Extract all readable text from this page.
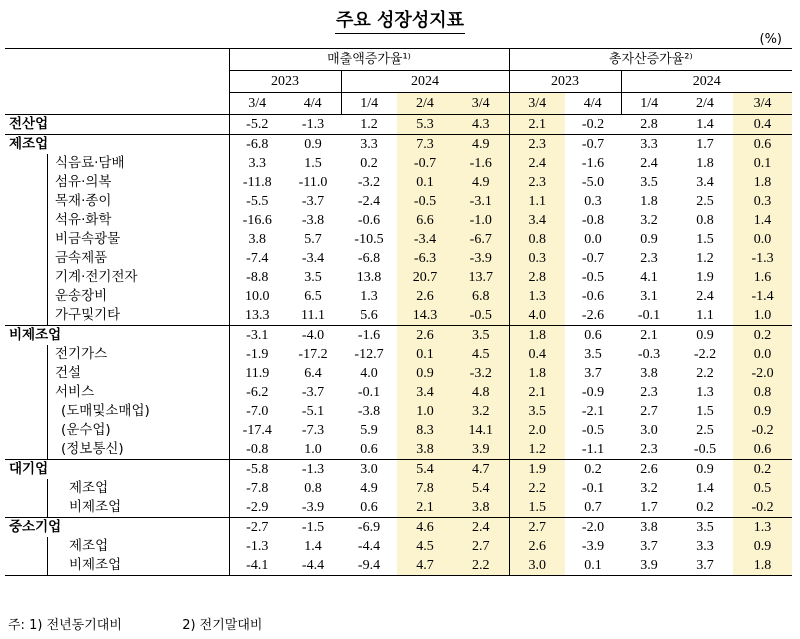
주요 성장성지표
(%)
	매출액증가율¹⁾					총자산증가율²⁾				
	2023		2024			2023		2024		
	3/4	4/4	1/4	2/4	3/4	3/4	4/4	1/4	2/4	3/4
전산업	-5.2	-1.3	1.2	5.3	4.3	2.1	-0.2	2.8	1.4	0.4
제조업	-6.8	0.9	3.3	7.3	4.9	2.3	-0.7	3.3	1.7	0.6
식음료·담배	3.3	1.5	0.2	-0.7	-1.6	2.4	-1.6	2.4	1.8	0.1
섬유·의복	-11.8	-11.0	-3.2	0.1	4.9	2.3	-5.0	3.5	3.4	1.8
목재·종이	-5.5	-3.7	-2.4	-0.5	-3.1	1.1	0.3	1.8	2.5	0.3
석유·화학	-16.6	-3.8	-0.6	6.6	-1.0	3.4	-0.8	3.2	0.8	1.4
비금속광물	3.8	5.7	-10.5	-3.4	-6.7	0.8	0.0	0.9	1.5	0.0
금속제품	-7.4	-3.4	-6.8	-6.3	-3.9	0.3	-0.7	2.3	1.2	-1.3
기계·전기전자	-8.8	3.5	13.8	20.7	13.7	2.8	-0.5	4.1	1.9	1.6
운송장비	10.0	6.5	1.3	2.6	6.8	1.3	-0.6	3.1	2.4	-1.4
가구및기타	13.3	11.1	5.6	14.3	-0.5	4.0	-2.6	-0.1	1.1	1.0
비제조업	-3.1	-4.0	-1.6	2.6	3.5	1.8	0.6	2.1	0.9	0.2
전기가스	-1.9	-17.2	-12.7	0.1	4.5	0.4	3.5	-0.3	-2.2	0.0
건설	11.9	6.4	4.0	0.9	-3.2	1.8	3.7	3.8	2.2	-2.0
서비스	-6.2	-3.7	-0.1	3.4	4.8	2.1	-0.9	2.3	1.3	0.8
(도매및소매업)	-7.0	-5.1	-3.8	1.0	3.2	3.5	-2.1	2.7	1.5	0.9
(운수업)	-17.4	-7.3	5.9	8.3	14.1	2.0	-0.5	3.0	2.5	-0.2
(정보통신)	-0.8	1.0	0.6	3.8	3.9	1.2	-1.1	2.3	-0.5	0.6
대기업	-5.8	-1.3	3.0	5.4	4.7	1.9	0.2	2.6	0.9	0.2
제조업	-7.8	0.8	4.9	7.8	5.4	2.2	-0.1	3.2	1.4	0.5
비제조업	-2.9	-3.9	0.6	2.1	3.8	1.5	0.7	1.7	0.2	-0.2
중소기업	-2.7	-1.5	-6.9	4.6	2.4	2.7	-2.0	3.8	3.5	1.3
제조업	-1.3	1.4	-4.4	4.5	2.7	2.6	-3.9	3.7	3.3	0.9
비제조업	-4.1	-4.4	-9.4	4.7	2.2	3.0	0.1	3.9	3.7	1.8
주: 1) 전년동기대비	2) 전기말대비
